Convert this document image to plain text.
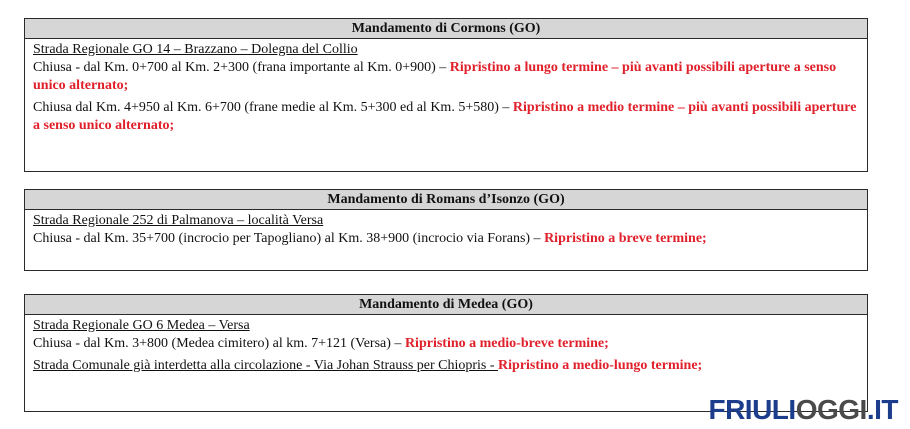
Mandamento di Cormons (GO)
Strada Regionale GO 14 – Brazzano – Dolegna del Collio
Chiusa - dal Km. 0+700 al Km. 2+300 (frana importante al Km. 0+900) – Ripristino a lungo termine – più avanti possibili aperture a senso unico alternato;
Chiusa dal Km. 4+950 al Km. 6+700 (frane medie al Km. 5+300 ed al Km. 5+580) – Ripristino a medio termine – più avanti possibili aperture a senso unico alternato;
Mandamento di Romans d’Isonzo (GO)
Strada Regionale 252 di Palmanova – località Versa
Chiusa - dal Km. 35+700 (incrocio per Tapogliano) al Km. 38+900 (incrocio via Forans) – Ripristino a breve termine;
Mandamento di Medea (GO)
Strada Regionale GO 6 Medea – Versa
Chiusa - dal Km. 3+800 (Medea cimitero) al km. 7+121 (Versa) – Ripristino a medio-breve termine;
Strada Comunale già interdetta alla circolazione - Via Johan Strauss per Chiopris - Ripristino a medio-lungo termine;
FRIULIOGGI.IT
